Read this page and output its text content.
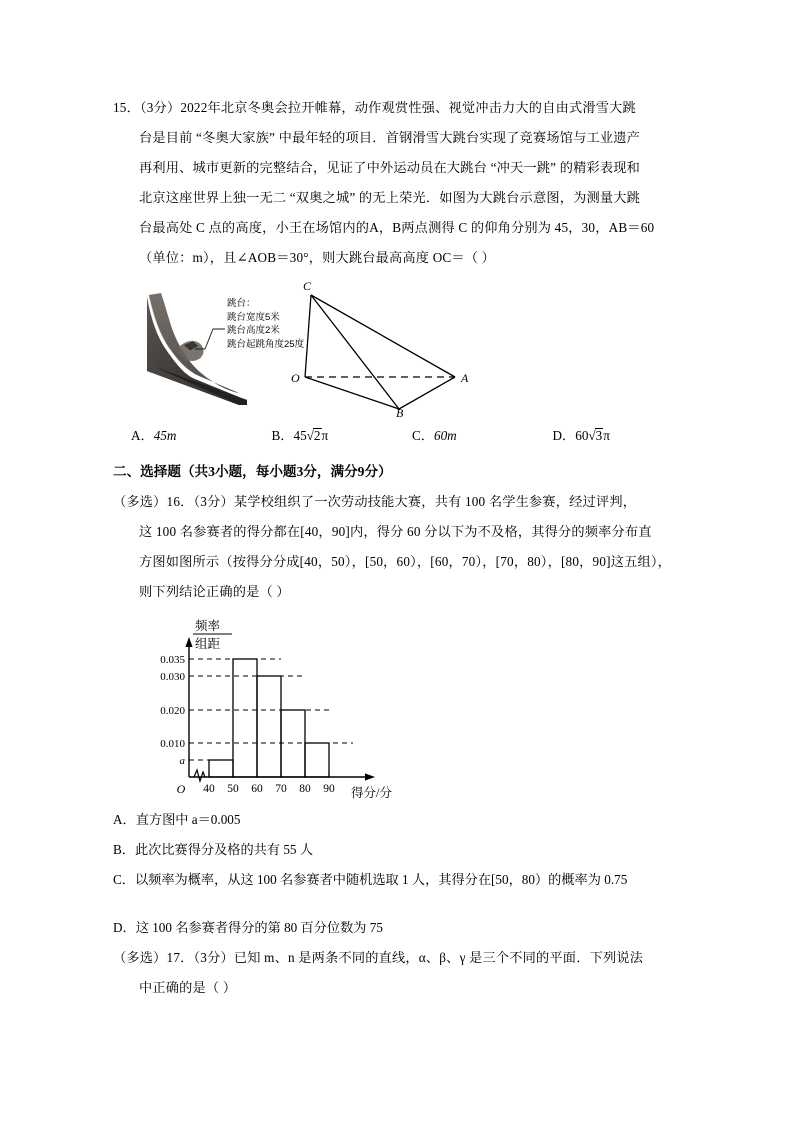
15．（3分）2022年北京冬奥会拉开帷幕，动作观赏性强、视觉冲击力大的自由式滑雪大跳
台是目前 “冬奥大家族” 中最年轻的项目．首钢滑雪大跳台实现了竞赛场馆与工业遗产
再利用、城市更新的完整结合，见证了中外运动员在大跳台 “冲天一跳” 的精彩表现和
北京这座世界上独一无二 “双奥之城” 的无上荣光．如图为大跳台示意图，为测量大跳
台最高处 C 点的高度，小王在场馆内的A，B两点测得 C 的仰角分别为 45，30，AB＝60
（单位：m），且∠AOB＝30°，则大跳台最高高度 OC＝（ ）
跳台：
跳台宽度5米
跳台高度2米
跳台起跳角度25度
C
O	A
B
A．45m	B．45√2π	C．60m	D．60√3π
二、选择题（共3小题，每小题3分，满分9分）
（多选）16．（3分）某学校组织了一次劳动技能大赛，共有 100 名学生参赛，经过评判，
这 100 名参赛者的得分都在[40，90]内，得分 60 分以下为不及格，其得分的频率分布直
方图如图所示（按得分分成[40，50），[50，60），[60，70），[70，80），[80，90]这五组），
则下列结论正确的是（ ）
0.035
0.030
0.020
0.010
a
40 50 60 70 80 90
O	得分/分
频率
组距
A．直方图中 a＝0.005
B．此次比赛得分及格的共有 55 人
C．以频率为概率，从这 100 名参赛者中随机选取 1 人，其得分在[50，80）的概率为 0.75
D．这 100 名参赛者得分的第 80 百分位数为 75
（多选）17．（3分）已知 m、n 是两条不同的直线，α、β、γ 是三个不同的平面．下列说法
中正确的是（ ）
